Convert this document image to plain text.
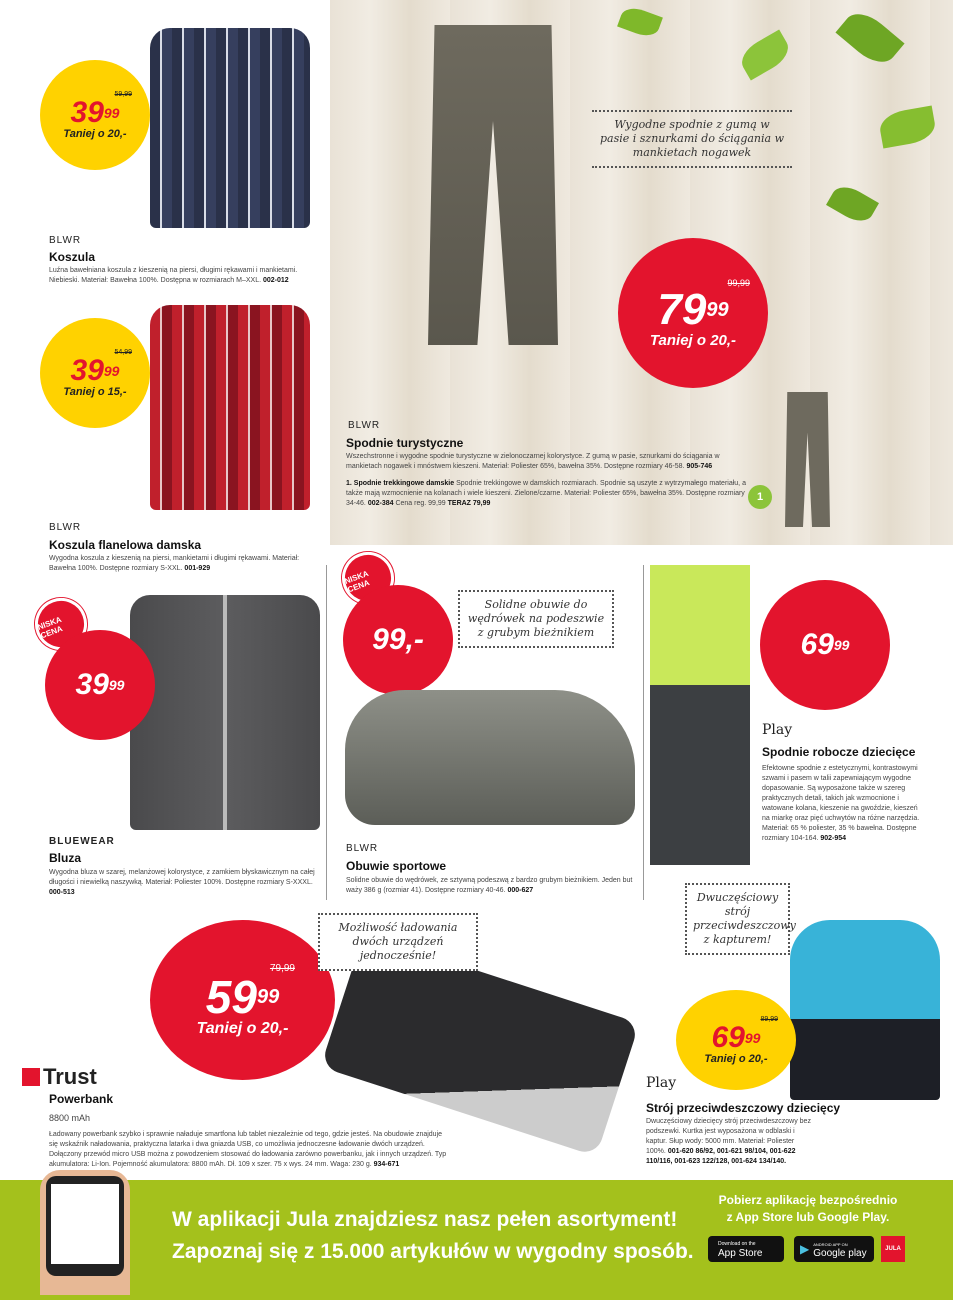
59,99
$39^{99}$
Taniej o 20,-
BLWR
Koszula
Luźna bawełniana koszula z kieszenią na piersi, długimi rękawami i mankietami. Niebieski. Materiał: Bawełna 100%. Dostępna w rozmiarach M–XXL. 002-012
54,99
$39^{99}$
Taniej o 15,-
BLWR
Koszula flanelowa damska
Wygodna koszula z kieszenią na piersi, mankietami i długimi rękawami. Materiał: Bawełna 100%. Dostępne rozmiary S-XXL. 001-929
Wygodne spodnie z gumą w pasie i sznurkami do ściągania w mankietach nogawek
99,99
$79^{99}$
Taniej o 20,-
1
BLWR
Spodnie turystyczne
Wszechstronne i wygodne spodnie turystyczne w zielonoczarnej kolorystyce. Z gumą w pasie, sznurkami do ściągania w mankietach nogawek i mnóstwem kieszeni. Materiał: Poliester 65%, bawełna 35%. Dostępne rozmiary 46-58. 905-746
1. Spodnie trekkingowe damskie Spodnie trekkingowe w damskich rozmiarach. Spodnie są uszyte z wytrzymałego materiału, a także mają wzmocnienie na kolanach i wiele kieszeni. Zielone/czarne. Materiał: Poliester 65%, bawełna 35%. Dostępne rozmiary 34-46. 002-384 Cena reg. 99,99 TERAZ 79,99
NISKA CENA
$39^{99}$
BLUEWEAR
Bluza
Wygodna bluza w szarej, melanżowej kolorystyce, z zamkiem błyskawicznym na całej długości i niewielką naszywką. Materiał: Poliester 100%. Dostępne rozmiary S-XXXL. 000-513
NISKA CENA
99,-
Solidne obuwie do wędrówek na podeszwie z grubym bieżnikiem
BLWR
Obuwie sportowe
Solidne obuwie do wędrówek, ze sztywną podeszwą z bardzo grubym bieżnikiem. Jeden but waży 386 g (rozmiar 41). Dostępne rozmiary 40-46. 000-627
$69^{99}$
Play
Spodnie robocze dziecięce
Efektowne spodnie z estetycznymi, kontrastowymi szwami i pasem w talii zapewniającym wygodne dopasowanie. Są wyposażone także w szereg praktycznych detali, takich jak wzmocnione i watowane kolana, kieszenie na gwoździe, kieszeń na miarkę oraz pięć uchwytów na różne narzędzia. Materiał: 65 % poliester, 35 % bawełna. Dostępne rozmiary 104-164. 902-954
79,99
$59^{99}$
Taniej o 20,-
Możliwość ładowania dwóch urządzeń jednocześnie!
Trust
Powerbank
8800 mAh
Ładowany powerbank szybko i sprawnie naładuje smartfona lub tablet niezależnie od tego, gdzie jesteś. Na obudowie znajduje się wskaźnik naładowania, praktyczna latarka i dwa gniazda USB, co umożliwia jednoczesne ładowanie dwóch urządzeń. Dołączony przewód micro USB można z powodzeniem stosować do ładowania zarówno powerbanku, jak i innych urządzeń. Typ akumulatora: Li-Ion. Pojemność akumulatora: 8800 mAh. Dł. 109 x szer. 75 x wys. 24 mm. Waga: 230 g. 934-671
Dwuczęściowy strój przeciwdeszczowy z kapturem!
89,99
$69^{99}$
Taniej o 20,-
Play
Strój przeciwdeszczowy dziecięcy
Dwuczęściowy dziecięcy strój przeciwdeszczowy bez podszewki. Kurtka jest wyposażona w odblaski i kaptur. Słup wody: 5000 mm. Materiał: Poliester 100%. 001-620 86/92, 001-621 98/104, 001-622 110/116, 001-623 122/128, 001-624 134/140.
W aplikacji Jula znajdziesz nasz pełen asortyment!
Zapoznaj się z 15.000 artykułów w wygodny sposób.
Pobierz aplikację bezpośrednio
z App Store lub Google Play.
Download on the
App Store	▶ ANDROID APP ON
Google play	JULA
